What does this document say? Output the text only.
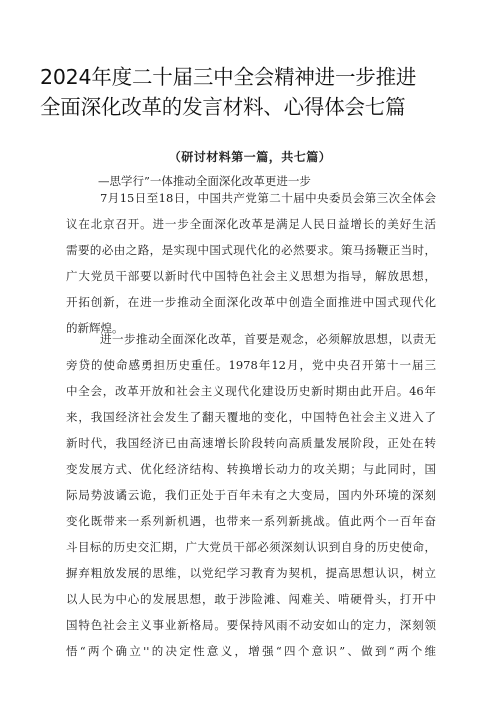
2024年度二十届三中全会精神进一步推进
全面深化改革的发言材料、心得体会七篇
（研讨材料第一篇，共七篇）
—思学行”一体推动全面深化改革更进一步
7月15日至18日，中国共产党第二十届中央委员会第三次全体会
议在北京召开。进一步全面深化改革是满足人民日益增长的美好生活
需要的必由之路，是实现中国式现代化的必然要求。策马扬鞭正当时，
广大党员干部要以新时代中国特色社会主义思想为指导，解放思想，
开拓创新，在进一步推动全面深化改革中创造全面推进中国式现代化
的新辉煌。
进一步推动全面深化改革，首要是观念，必须解放思想，以责无
旁贷的使命感勇担历史重任。1978年12月，党中央召开第十一届三
中全会，改革开放和社会主义现代化建设历史新时期由此开启。46年
来，我国经济社会发生了翻天覆地的变化，中国特色社会主义进入了
新时代，我国经济已由高速增长阶段转向高质量发展阶段，正处在转
变发展方式、优化经济结构、转换增长动力的攻关期；与此同时，国
际局势波谲云诡，我们正处于百年未有之大变局，国内外环境的深刻
变化既带来一系列新机遇，也带来一系列新挑战。值此两个一百年奋
斗目标的历史交汇期，广大党员干部必须深刻认识到自身的历史使命，
摒弃粗放发展的思维，以党纪学习教育为契机，提高思想认识，树立
以人民为中心的发展思想，敢于涉险滩、闯难关、啃硬骨头，打开中
国特色社会主义事业新格局。要保持风雨不动安如山的定力，深刻领
悟“两个确立''的决定性意义，增强“四个意识”、做到“两个维
